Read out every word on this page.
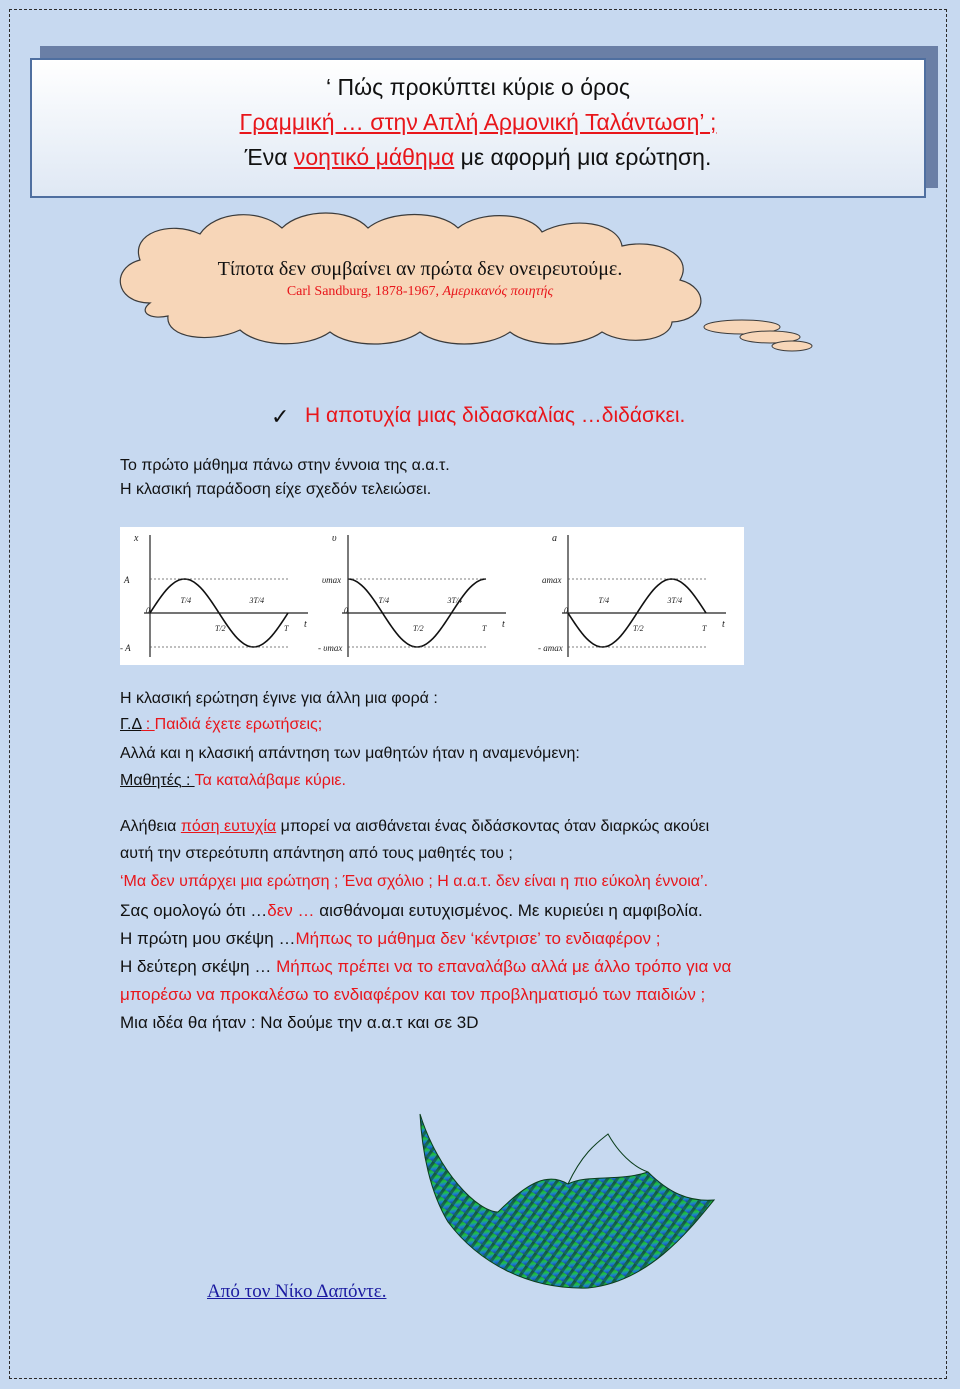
‘ Πώς προκύπτει κύριε ο όρος
Γραμμική … στην Απλή Αρμονική Ταλάντωση’ ;
Ένα νοητικό μάθημα με αφορμή μια ερώτηση.
Τίποτα δεν συμβαίνει αν πρώτα δεν ονειρευτούμε.
Carl Sandburg, 1878-1967, Αμερικανός ποιητής
✓ Η αποτυχία μιας διδασκαλίας …διδάσκει.
Το πρώτο μάθημα πάνω στην έννοια της α.α.τ.
Η κλασική παράδοση είχε σχεδόν τελειώσει.
x
A
- A
0
T/4
T/2
3T/4
T t
υ
υmax
- υmax
0
T/4
T/2
3T/4
T t
a
amax
- amax
0
T/4
T/2
3T/4
T t
Η κλασική ερώτηση έγινε για άλλη μια φορά :
Γ.Δ : Παιδιά έχετε ερωτήσεις;
Αλλά και η κλασική απάντηση των μαθητών ήταν η αναμενόμενη:
Μαθητές : Τα καταλάβαμε κύριε.
Αλήθεια πόση ευτυχία μπορεί να αισθάνεται ένας διδάσκοντας όταν διαρκώς ακούει
αυτή την στερεότυπη απάντηση από τους μαθητές του ;
‘Μα δεν υπάρχει μια ερώτηση ; Ένα σχόλιο ; Η α.α.τ. δεν είναι η πιο εύκολη έννοια’.
Σας ομολογώ ότι …δεν … αισθάνομαι ευτυχισμένος. Με κυριεύει η αμφιβολία.
Η πρώτη μου σκέψη …Μήπως το μάθημα δεν ‘κέντρισε’ το ενδιαφέρον ;
Η δεύτερη σκέψη … Μήπως πρέπει να το επαναλάβω αλλά με άλλο τρόπο για να
μπορέσω να προκαλέσω το ενδιαφέρον και τον προβληματισμό των παιδιών ;
Μια ιδέα θα ήταν : Να δούμε την α.α.τ και σε 3D
Από τον Νίκο Δαπόντε.
